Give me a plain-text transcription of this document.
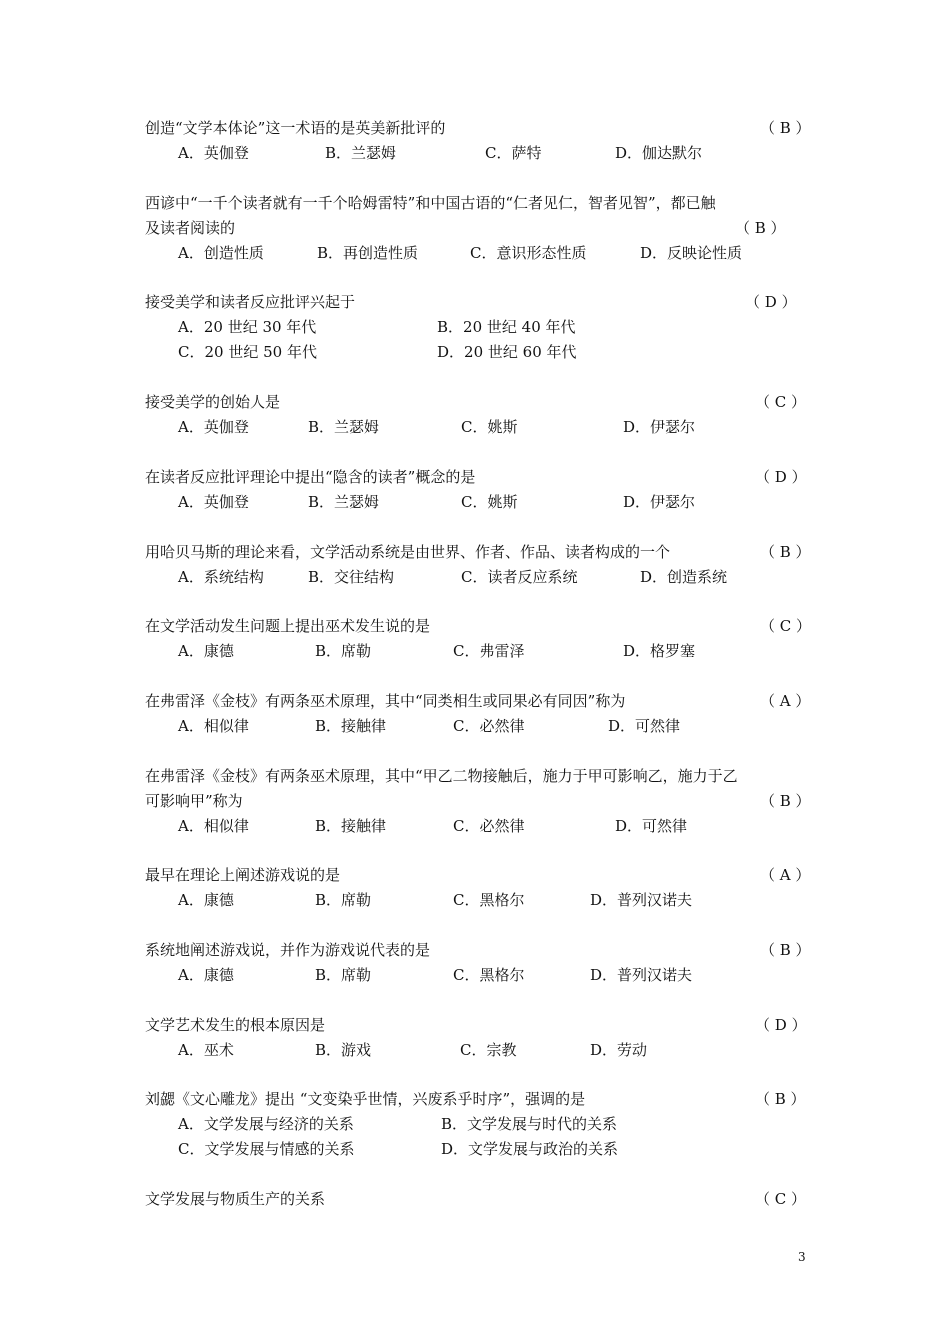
创造“文学本体论”这一术语的是英美新批评的	（ B ）
A．英伽登	B．兰瑟姆	C．萨特	D．伽达默尔
西谚中“一千个读者就有一千个哈姆雷特”和中国古语的“仁者见仁，智者见智”，都已触
及读者阅读的	（ B ）
A．创造性质	B．再创造性质	C．意识形态性质	D．反映论性质
接受美学和读者反应批评兴起于	（ D ）
A．20 世纪 30 年代	B．20 世纪 40 年代
C．20 世纪 50 年代	D．20 世纪 60 年代
接受美学的创始人是	（ C ）
A．英伽登	B．兰瑟姆	C．姚斯	D．伊瑟尔
在读者反应批评理论中提出“隐含的读者”概念的是	（ D ）
A．英伽登	B．兰瑟姆	C．姚斯	D．伊瑟尔
用哈贝马斯的理论来看，文学活动系统是由世界、作者、作品、读者构成的一个	（ B ）
A．系统结构	B．交往结构	C．读者反应系统	D．创造系统
在文学活动发生问题上提出巫术发生说的是	（ C ）
A．康德	B．席勒	C．弗雷泽	D．格罗塞
在弗雷泽《金枝》有两条巫术原理，其中“同类相生或同果必有同因”称为	（ A ）
A．相似律	B．接触律	C．必然律	D．可然律
在弗雷泽《金枝》有两条巫术原理，其中“甲乙二物接触后，施力于甲可影响乙，施力于乙
可影响甲”称为	（ B ）
A．相似律	B．接触律	C．必然律	D．可然律
最早在理论上阐述游戏说的是	（ A ）
A．康德	B．席勒	C．黑格尔	D．普列汉诺夫
系统地阐述游戏说，并作为游戏说代表的是	（ B ）
A．康德	B．席勒	C．黑格尔	D．普列汉诺夫
文学艺术发生的根本原因是	（ D ）
A．巫术	B．游戏	C．宗教	D．劳动
刘勰《文心雕龙》提出 “文变染乎世情，兴废系乎时序”，强调的是	（ B ）
A．文学发展与经济的关系	B．文学发展与时代的关系
C．文学发展与情感的关系	D．文学发展与政治的关系
文学发展与物质生产的关系	（ C ）
3
